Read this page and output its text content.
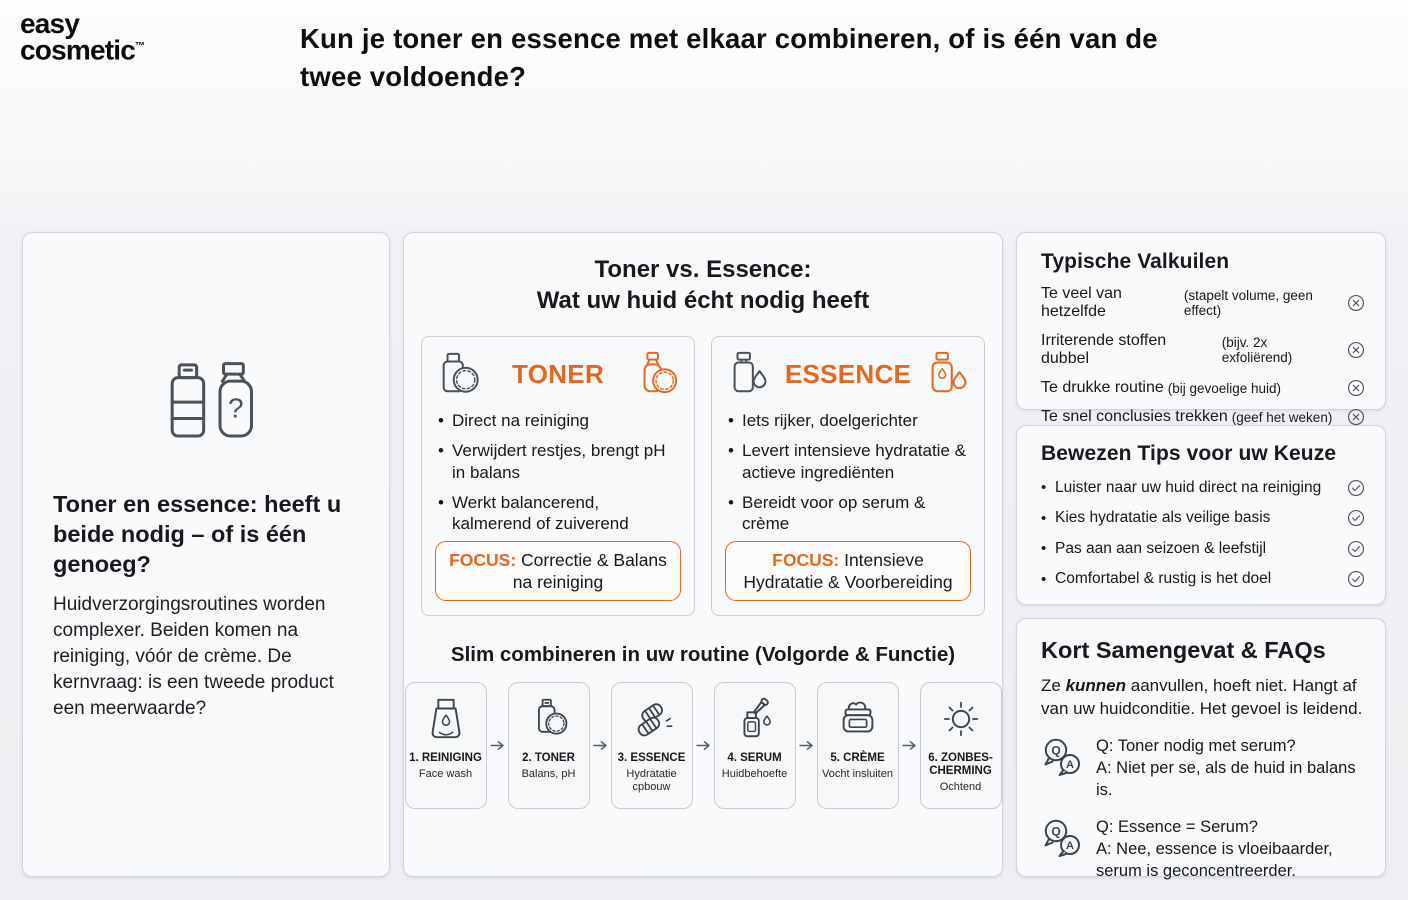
easy
cosmetic™	Kun je toner en essence met elkaar combineren, of is één van de twee voldoende?
?
Toner en essence: heeft u beide nodig – of is één genoeg?

Huidverzorgingsroutines worden complexer. Beiden komen na reiniging, vóór de crème. De kernvraag: is een tweede product een meerwaarde?

Toner vs. Essence:
Wat uw huid écht nodig heeft
TONER
• Direct na reiniging
• Verwijdert restjes, brengt pH in balans
• Werkt balancerend, kalmerend of zuiverend
FOCUS: Correctie & Balans na reiniging
ESSENCE
• Iets rijker, doelgerichter
• Levert intensieve hydratatie & actieve ingrediënten
• Bereidt voor op serum & crème
FOCUS: Intensieve Hydratatie & Voorbereiding
Slim combineren in uw routine (Volgorde & Functie)
1. REINIGING
Face wash
2. TONER
Balans, pH
3. ESSENCE
Hydratatie cpbouw
4. SERUM
Huidbehoefte
5. CRÈME
Vocht insluiten
6. ZONBESCHERMING
Ochtend
Typische Valkuilen
Te veel van hetzelfde
(stapelt volume, geen effect)
Irriterende stoffen dubbel
(bijv. 2x exfoliërend)
Te drukke routine (bij gevoelige huid)
Te snel conclusies trekken (geef het weken)
Bewezen Tips voor uw Keuze
• Luister naar uw huid direct na reiniging
• Kies hydratatie als veilige basis
• Pas aan aan seizoen & leefstijl
• Comfortabel & rustig is het doel
Kort Samengevat & FAQs

Ze kunnen aanvullen, hoeft niet. Hangt af van uw huidconditie. Het gevoel is leidend.

Q
A
Q: Toner nodig met serum?
A: Niet per se, als de huid in balans is.
Q
A
Q: Essence = Serum?
A: Nee, essence is vloeibaarder, serum is geconcentreerder.
